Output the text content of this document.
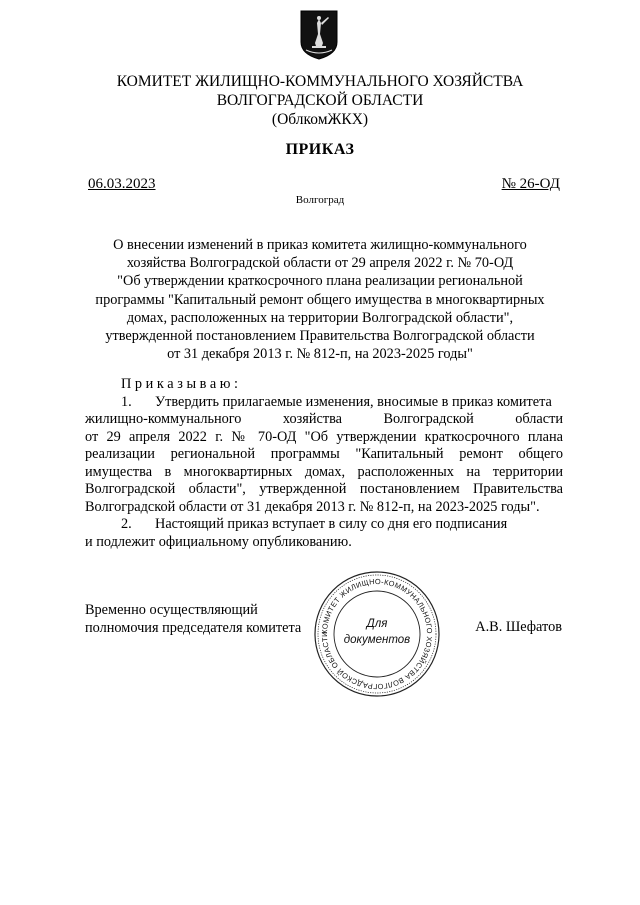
КОМИТЕТ ЖИЛИЩНО-КОММУНАЛЬНОГО ХОЗЯЙСТВА
ВОЛГОГРАДСКОЙ ОБЛАСТИ
(ОблкомЖКХ)
ПРИКАЗ
06.03.2023	№ 26-ОД
Волгоград
О внесении изменений в приказ комитета жилищно-коммунального
хозяйства Волгоградской области от 29 апреля 2022 г. № 70-ОД
"Об утверждении краткосрочного плана реализации региональной
программы "Капитальный ремонт общего имущества в многоквартирных
домах, расположенных на территории Волгоградской области",
утвержденной постановлением Правительства Волгоградской области
от 31 декабря 2013 г. № 812-п, на 2023-2025 годы"
Приказываю:
1. Утвердить прилагаемые изменения, вносимые в приказ комитета
жилищно-коммунального хозяйства Волгоградской области
от 29 апреля 2022 г. № 70-ОД "Об утверждении краткосрочного плана
реализации региональной программы "Капитальный ремонт общего
имущества в многоквартирных домах, расположенных на территории
Волгоградской области", утвержденной постановлением Правительства
Волгоградской области от 31 декабря 2013 г. № 812-п, на 2023-2025 годы".
2. Настоящий приказ вступает в силу со дня его подписания
и подлежит официальному опубликованию.
Временно осуществляющий
полномочия председателя комитета	А.В. Шефатов
КОМИТЕТ ЖИЛИЩНО-КОММУНАЛЬНОГО ХОЗЯЙСТВА ВОЛГОГРАДСКОЙ ОБЛАСТИ
Для
документов
